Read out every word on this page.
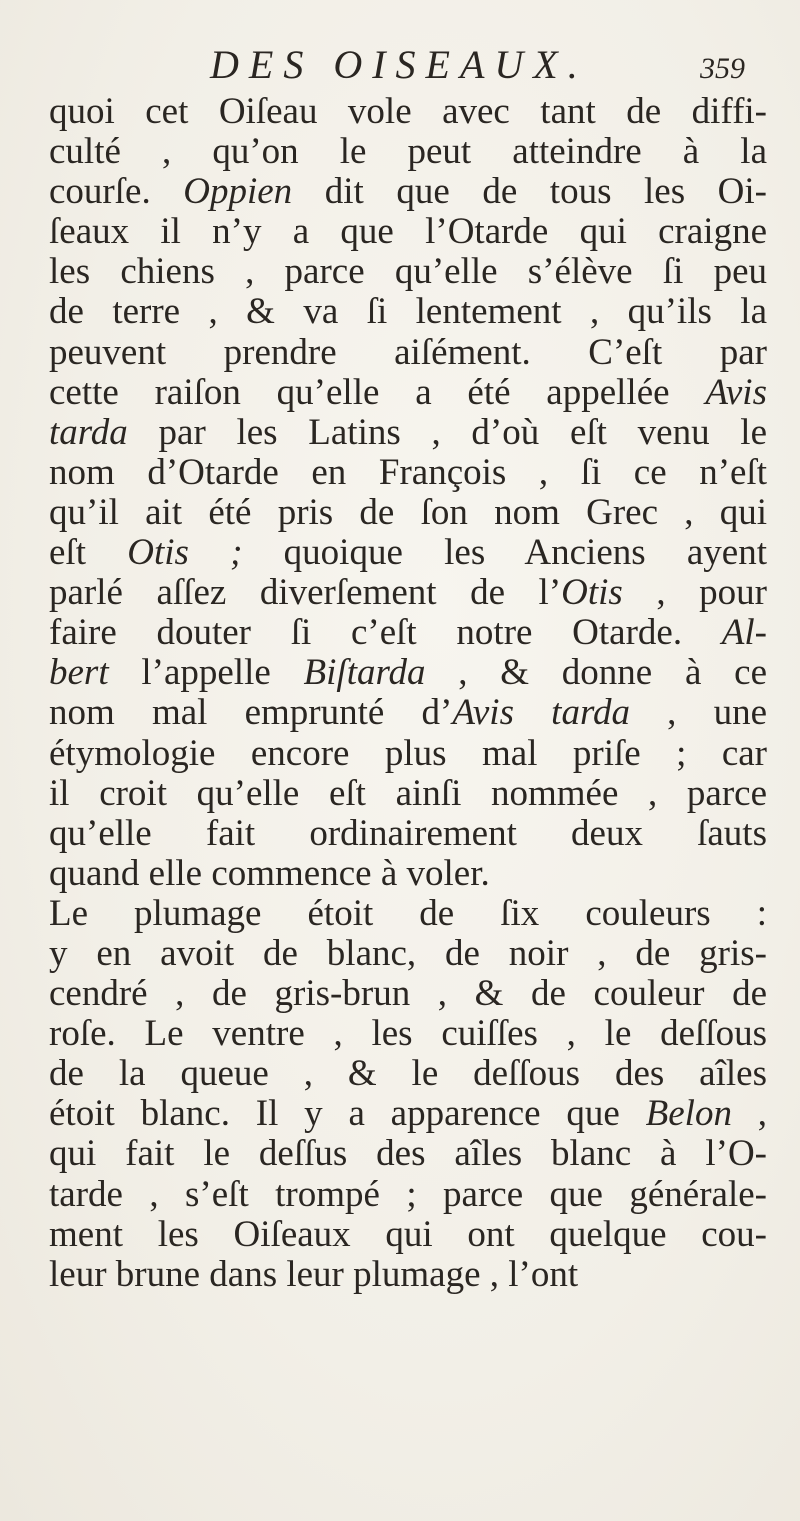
DES OISEAUX.	359
quoi cet Oiſeau vole avec tant de diffi-
culté , qu’on le peut atteindre à la
courſe. Oppien dit que de tous les Oi-
ſeaux il n’y a que l’Otarde qui craigne
les chiens , parce qu’elle s’élève ſi peu
de terre , & va ſi lentement , qu’ils la
peuvent prendre aiſément. C’eſt par
cette raiſon qu’elle a été appellée Avis
tarda par les Latins , d’où eſt venu le
nom d’Otarde en François , ſi ce n’eſt
qu’il ait été pris de ſon nom Grec , qui
eſt Otis ; quoique les Anciens ayent
parlé aſſez diverſement de l’Otis , pour
faire douter ſi c’eſt notre Otarde. Al-
bert l’appelle Biſtarda , & donne à ce
nom mal emprunté d’Avis tarda , une
étymologie encore plus mal priſe ; car
il croit qu’elle eſt ainſi nommée , parce
qu’elle fait ordinairement deux ſauts
quand elle commence à voler.
Le plumage étoit de ſix couleurs :
y en avoit de blanc, de noir , de gris-
cendré , de gris-brun , & de couleur de
roſe. Le ventre , les cuiſſes , le deſſous
de la queue , & le deſſous des aîles
étoit blanc. Il y a apparence que Belon ,
qui fait le deſſus des aîles blanc à l’O-
tarde , s’eſt trompé ; parce que générale-
ment les Oiſeaux qui ont quelque cou-
leur brune dans leur plumage , l’ont
